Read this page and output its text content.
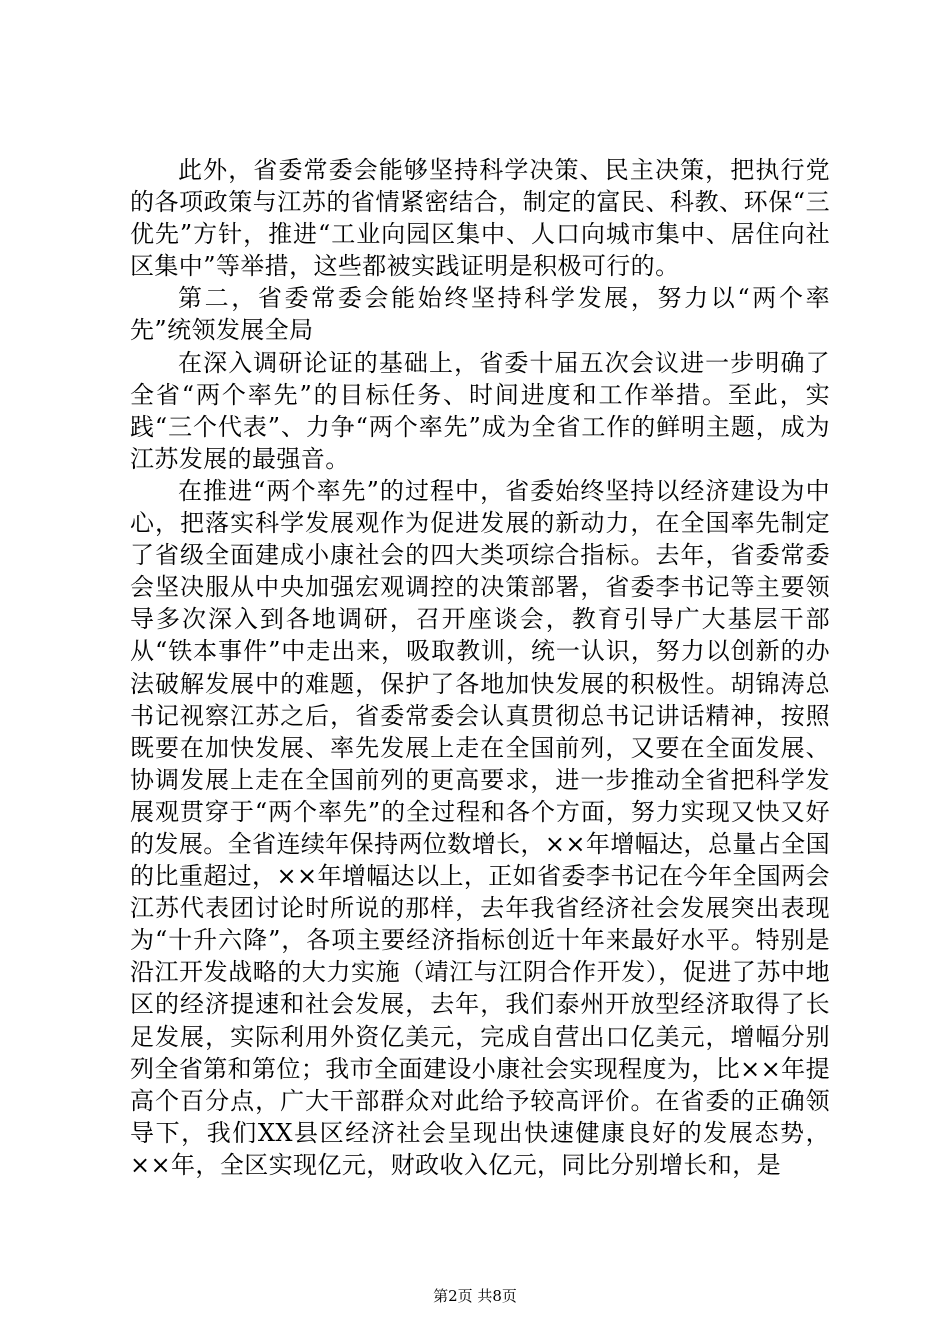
此外，省委常委会能够坚持科学决策、民主决策，把执行党的各项政策与江苏的省情紧密结合，制定的富民、科教、环保“三优先”方针，推进“工业向园区集中、人口向城市集中、居住向社区集中”等举措，这些都被实践证明是积极可行的。

第二，省委常委会能始终坚持科学发展，努力以“两个率先”统领发展全局

在深入调研论证的基础上，省委十届五次会议进一步明确了全省“两个率先”的目标任务、时间进度和工作举措。至此，实践“三个代表”、力争“两个率先”成为全省工作的鲜明主题，成为江苏发展的最强音。

在推进“两个率先”的过程中，省委始终坚持以经济建设为中心，把落实科学发展观作为促进发展的新动力，在全国率先制定了省级全面建成小康社会的四大类项综合指标。去年，省委常委会坚决服从中央加强宏观调控的决策部署，省委李书记等主要领导多次深入到各地调研，召开座谈会，教育引导广大基层干部从“铁本事件”中走出来，吸取教训，统一认识，努力以创新的办法破解发展中的难题，保护了各地加快发展的积极性。胡锦涛总书记视察江苏之后，省委常委会认真贯彻总书记讲话精神，按照既要在加快发展、率先发展上走在全国前列，又要在全面发展、协调发展上走在全国前列的更高要求，进一步推动全省把科学发展观贯穿于“两个率先”的全过程和各个方面，努力实现又快又好的发展。全省连续年保持两位数增长，××年增幅达，总量占全国的比重超过，××年增幅达以上，正如省委李书记在今年全国两会江苏代表团讨论时所说的那样，去年我省经济社会发展突出表现为“十升六降”，各项主要经济指标创近十年来最好水平。特别是沿江开发战略的大力实施（靖江与江阴合作开发），促进了苏中地区的经济提速和社会发展，去年，我们泰州开放型经济取得了长足发展，实际利用外资亿美元，完成自营出口亿美元，增幅分别列全省第和第位；我市全面建设小康社会实现程度为，比××年提高个百分点，广大干部群众对此给予较高评价。在省委的正确领导下，我们XX县区经济社会呈现出快速健康良好的发展态势，××年，全区实现亿元，财政收入亿元，同比分别增长和，是

第2页 共8页
